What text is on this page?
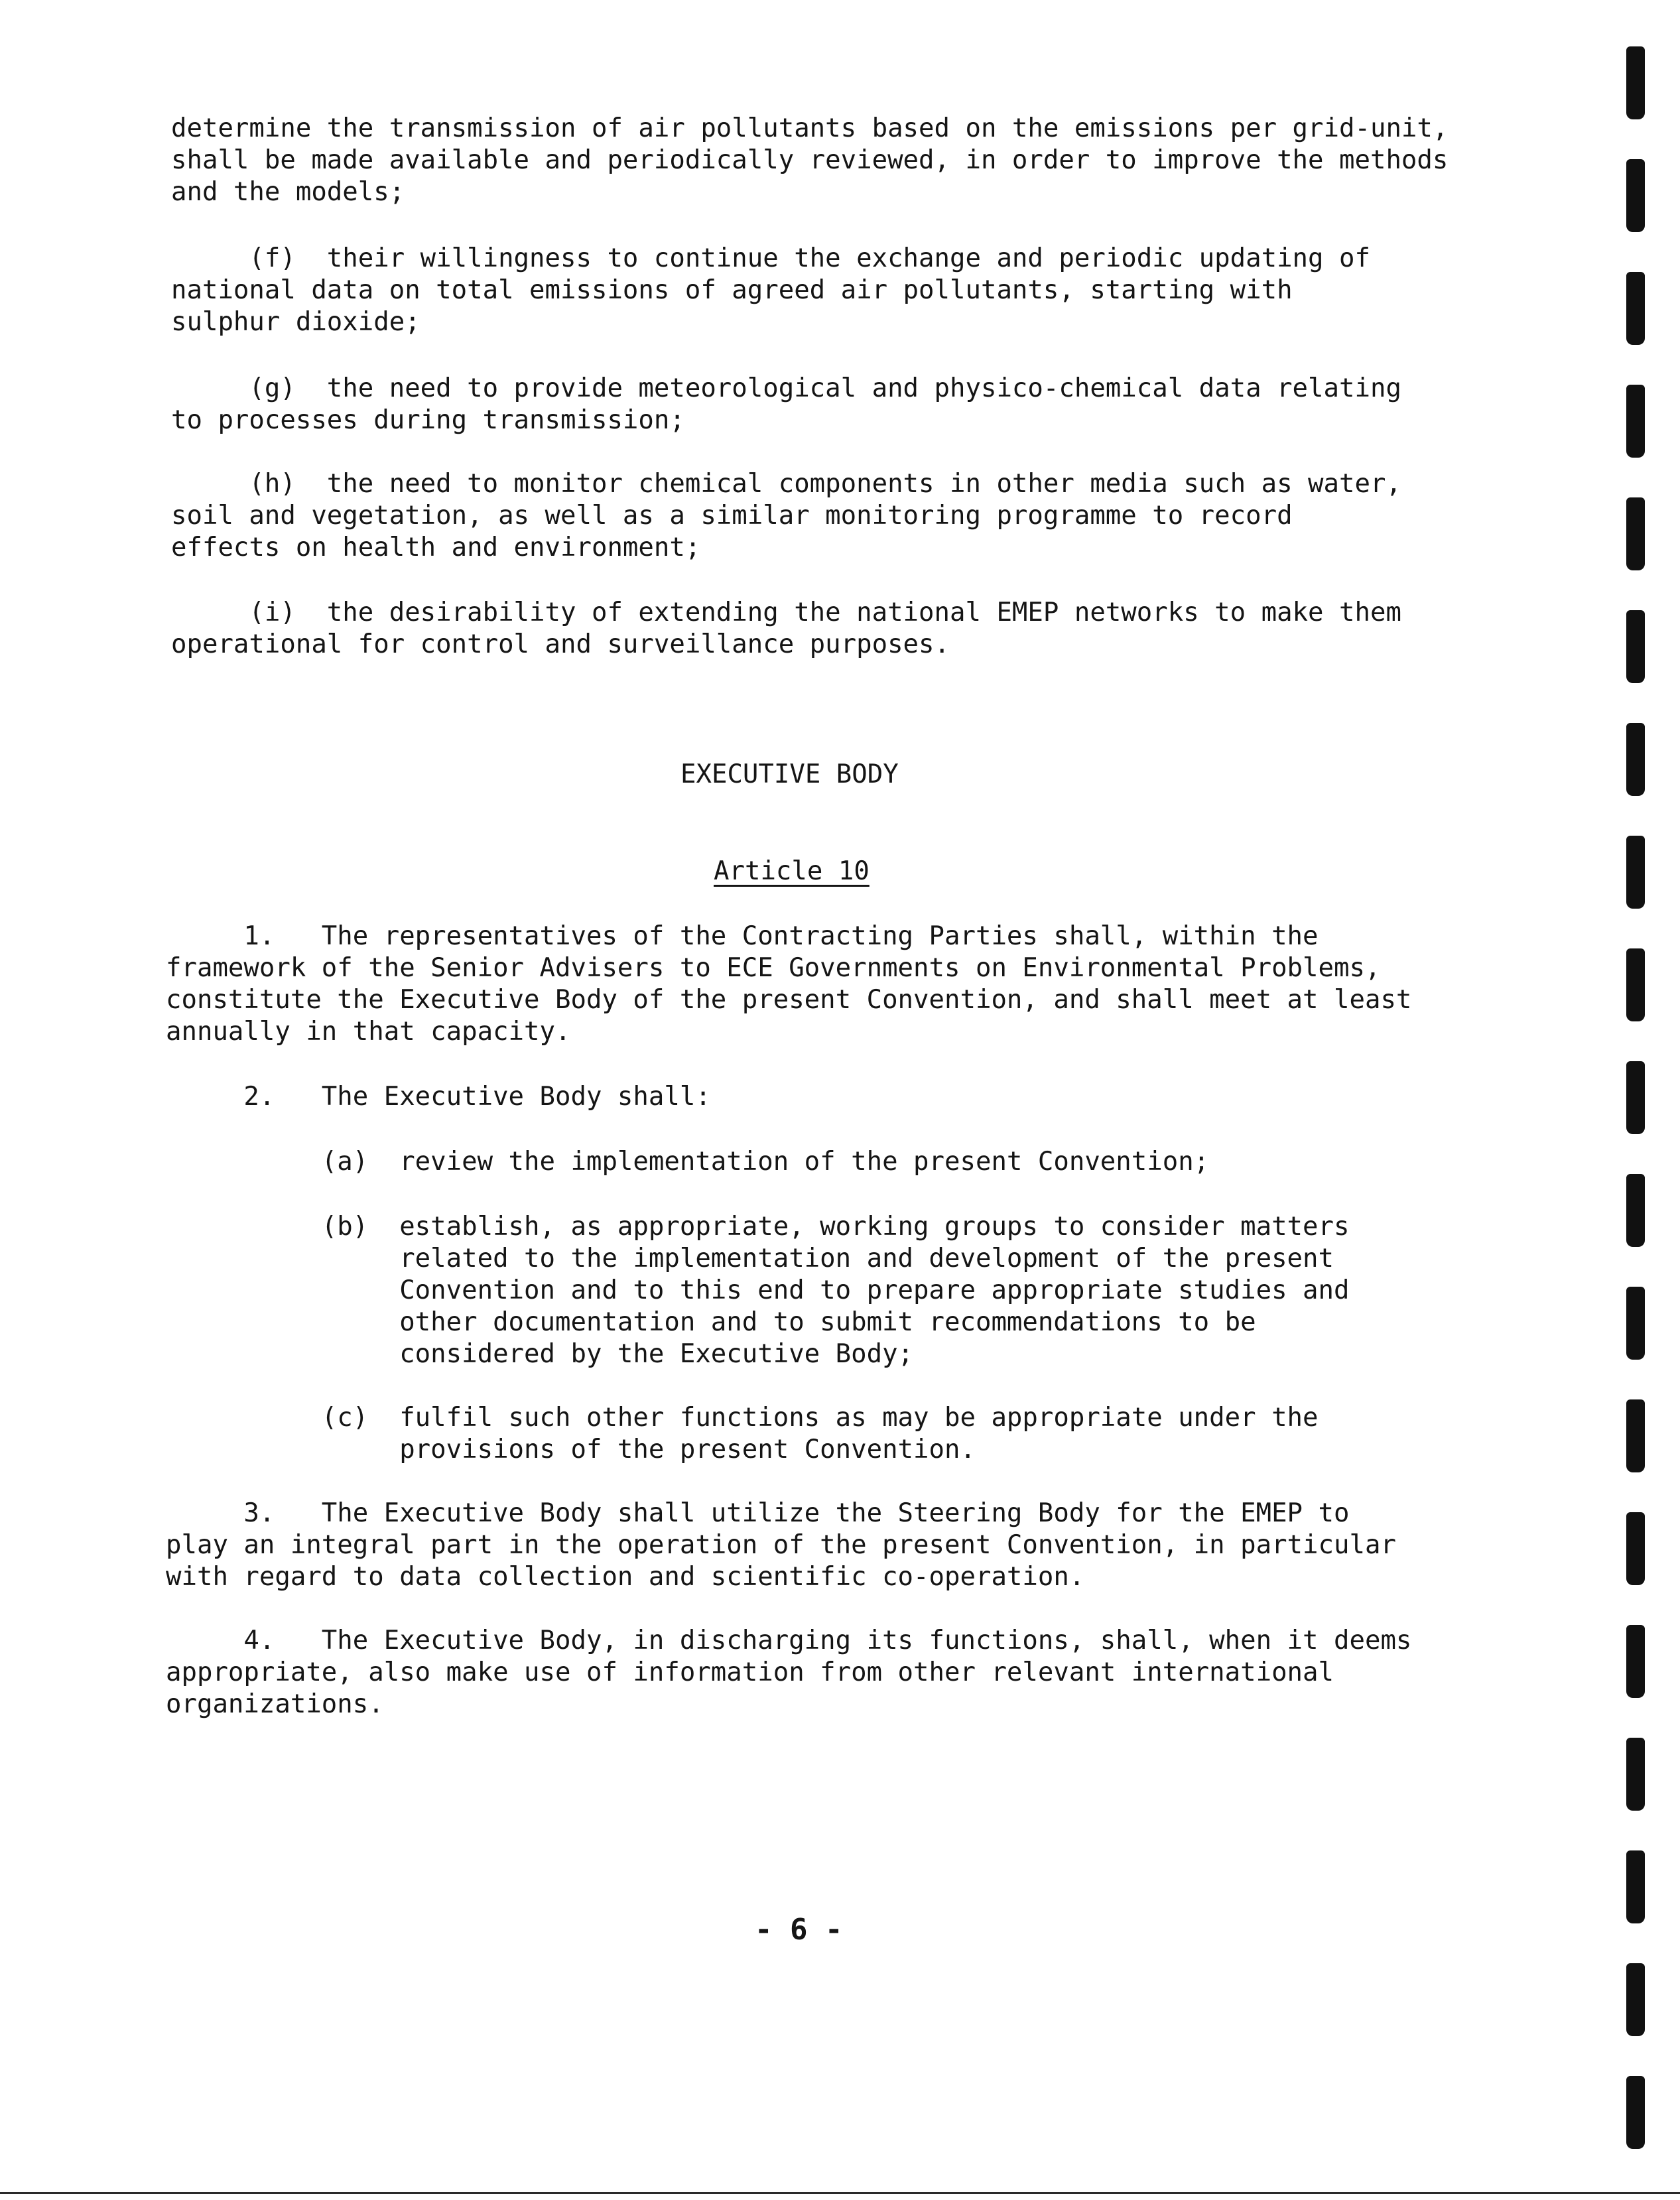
determine the transmission of air pollutants based on the emissions per grid-unit,
shall be made available and periodically reviewed, in order to improve the methods
and the models;
(f)  their willingness to continue the exchange and periodic updating of
national data on total emissions of agreed air pollutants, starting with
sulphur dioxide;
(g)  the need to provide meteorological and physico-chemical data relating
to processes during transmission;
(h)  the need to monitor chemical components in other media such as water,
soil and vegetation, as well as a similar monitoring programme to record
effects on health and environment;
(i)  the desirability of extending the national EMEP networks to make them
operational for control and surveillance purposes.
EXECUTIVE BODY
Article 10
1.   The representatives of the Contracting Parties shall, within the
framework of the Senior Advisers to ECE Governments on Environmental Problems,
constitute the Executive Body of the present Convention, and shall meet at least
annually in that capacity.
2.   The Executive Body shall:
(a)  review the implementation of the present Convention;
(b)  establish, as appropriate, working groups to consider matters
related to the implementation and development of the present
Convention and to this end to prepare appropriate studies and
other documentation and to submit recommendations to be
considered by the Executive Body;
(c)  fulfil such other functions as may be appropriate under the
provisions of the present Convention.
3.   The Executive Body shall utilize the Steering Body for the EMEP to
play an integral part in the operation of the present Convention, in particular
with regard to data collection and scientific co-operation.
4.   The Executive Body, in discharging its functions, shall, when it deems
appropriate, also make use of information from other relevant international
organizations.
- 6 -
